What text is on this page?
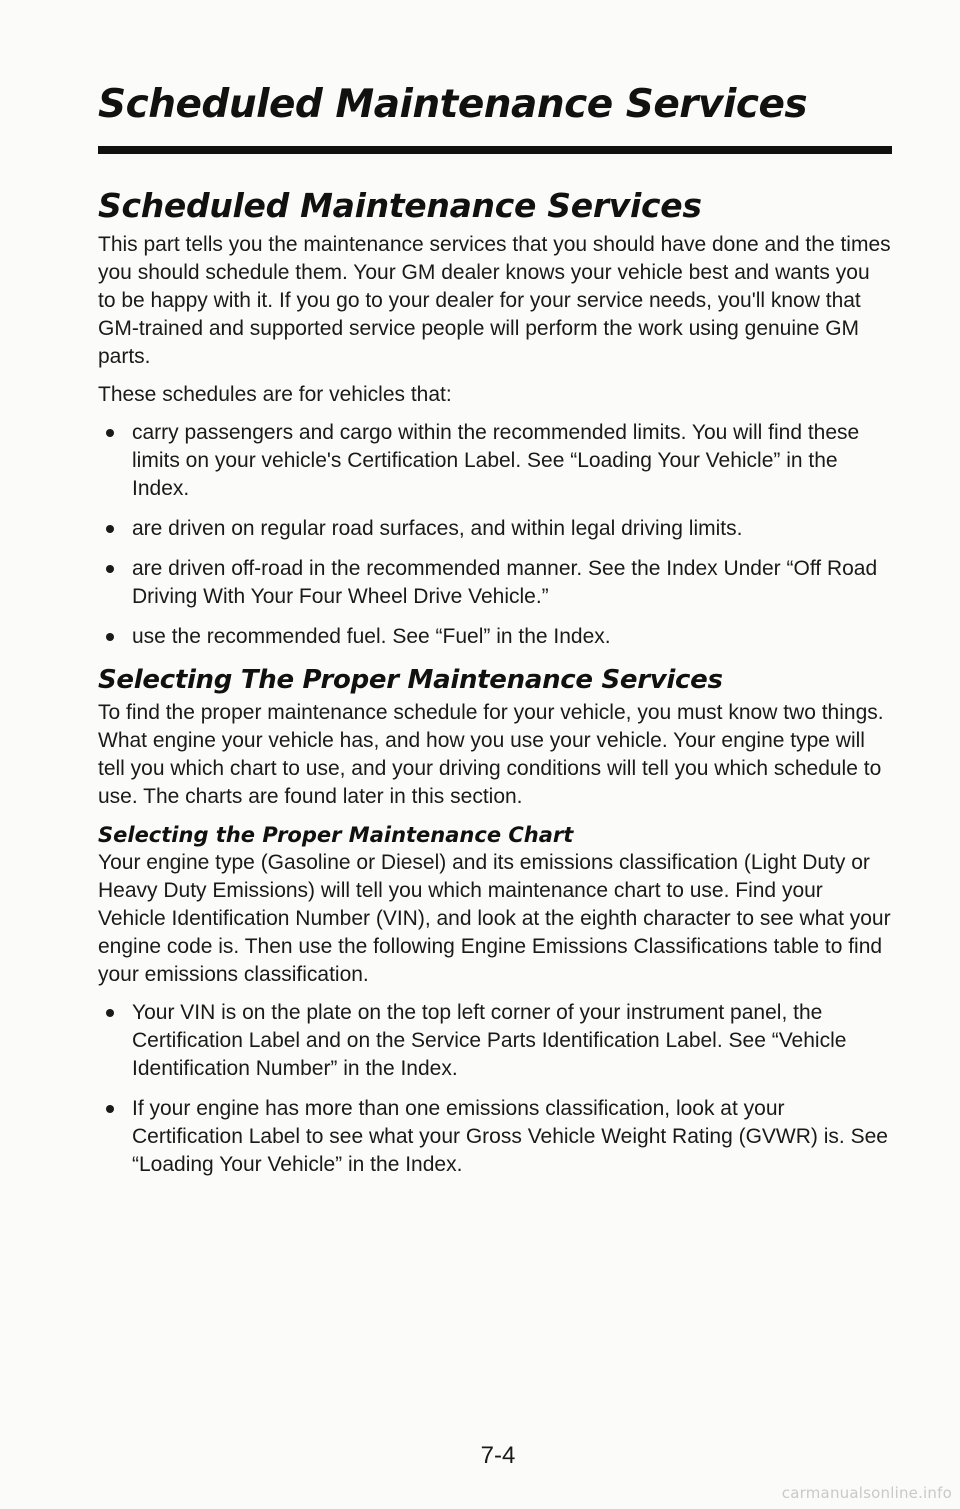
Scheduled Maintenance Services
Scheduled Maintenance Services

This part tells you the maintenance services that you should have done and the times you should schedule them. Your GM dealer knows your vehicle best and wants you to be happy with it. If you go to your dealer for your service needs, you'll know that GM-trained and supported service people will perform the work using genuine GM parts.

These schedules are for vehicles that:

carry passengers and cargo within the recommended limits. You will find these limits on your vehicle's Certification Label. See “Loading Your Vehicle” in the Index.
are driven on regular road surfaces, and within legal driving limits.
are driven off-road in the recommended manner. See the Index Under “Off Road Driving With Your Four Wheel Drive Vehicle.”
use the recommended fuel. See “Fuel” in the Index.
Selecting The Proper Maintenance Services

To find the proper maintenance schedule for your vehicle, you must know two things. What engine your vehicle has, and how you use your vehicle. Your engine type will tell you which chart to use, and your driving conditions will tell you which schedule to use. The charts are found later in this section.

Selecting the Proper Maintenance Chart

Your engine type (Gasoline or Diesel) and its emissions classification (Light Duty or Heavy Duty Emissions) will tell you which maintenance chart to use. Find your Vehicle Identification Number (VIN), and look at the eighth character to see what your engine code is. Then use the following Engine Emissions Classifications table to find your emissions classification.

Your VIN is on the plate on the top left corner of your instrument panel, the Certification Label and on the Service Parts Identification Label. See “Vehicle Identification Number” in the Index.
If your engine has more than one emissions classification, look at your Certification Label to see what your Gross Vehicle Weight Rating (GVWR) is. See “Loading Your Vehicle” in the Index.
7-4
carmanualsonline.info
